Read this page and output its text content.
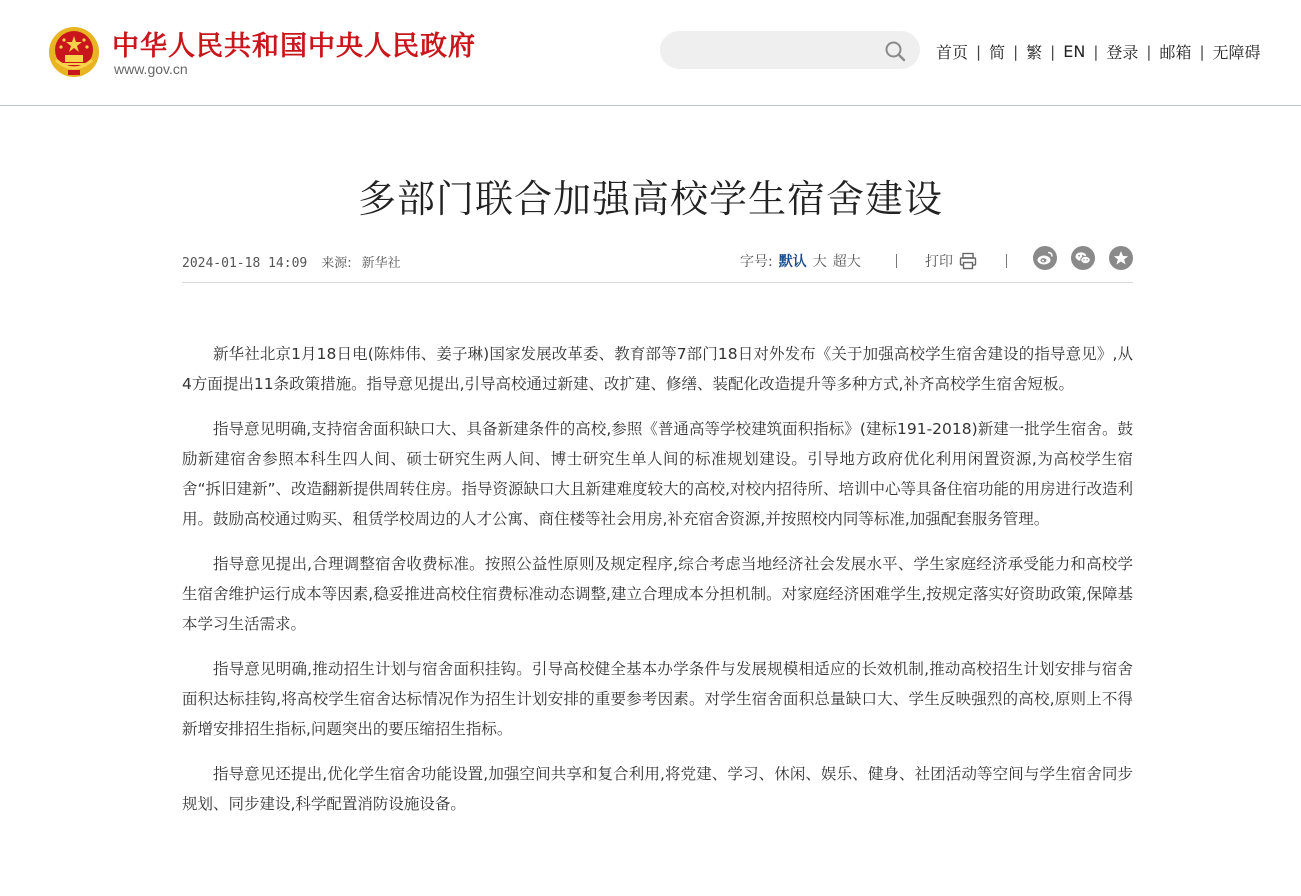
中华人民共和国中央人民政府
www.gov.cn
首页 | 简 | 繁 | EN | 登录 | 邮箱 | 无障碍
多部门联合加强高校学生宿舍建设
2024-01-18 14:09 来源: 新华社	字号: 默认 大 超大	打印

新华社北京1月18日电(陈炜伟、姜子琳)国家发展改革委、教育部等7部门18日对外发布《关于加强高校学生宿舍建设的指导意见》,从4方面提出11条政策措施。指导意见提出,引导高校通过新建、改扩建、修缮、装配化改造提升等多种方式,补齐高校学生宿舍短板。

指导意见明确,支持宿舍面积缺口大、具备新建条件的高校,参照《普通高等学校建筑面积指标》(建标191-2018)新建一批学生宿舍。鼓励新建宿舍参照本科生四人间、硕士研究生两人间、博士研究生单人间的标准规划建设。引导地方政府优化利用闲置资源,为高校学生宿舍“拆旧建新”、改造翻新提供周转住房。指导资源缺口大且新建难度较大的高校,对校内招待所、培训中心等具备住宿功能的用房进行改造利用。鼓励高校通过购买、租赁学校周边的人才公寓、商住楼等社会用房,补充宿舍资源,并按照校内同等标准,加强配套服务管理。

指导意见提出,合理调整宿舍收费标准。按照公益性原则及规定程序,综合考虑当地经济社会发展水平、学生家庭经济承受能力和高校学生宿舍维护运行成本等因素,稳妥推进高校住宿费标准动态调整,建立合理成本分担机制。对家庭经济困难学生,按规定落实好资助政策,保障基本学习生活需求。

指导意见明确,推动招生计划与宿舍面积挂钩。引导高校健全基本办学条件与发展规模相适应的长效机制,推动高校招生计划安排与宿舍面积达标挂钩,将高校学生宿舍达标情况作为招生计划安排的重要参考因素。对学生宿舍面积总量缺口大、学生反映强烈的高校,原则上不得新增安排招生指标,问题突出的要压缩招生指标。

指导意见还提出,优化学生宿舍功能设置,加强空间共享和复合利用,将党建、学习、休闲、娱乐、健身、社团活动等空间与学生宿舍同步规划、同步建设,科学配置消防设施设备。
